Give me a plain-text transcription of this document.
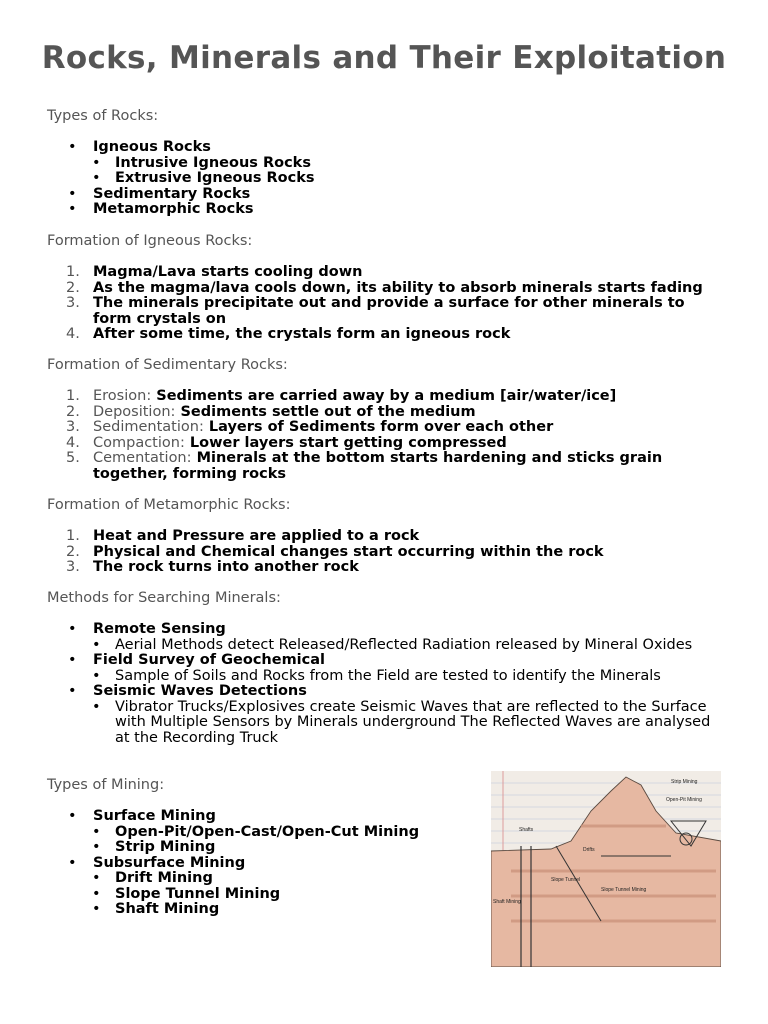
Rocks, Minerals and Their Exploitation
Types of Rocks:
• Igneous Rocks
• Intrusive Igneous Rocks
• Extrusive Igneous Rocks
• Sedimentary Rocks
• Metamorphic Rocks
Formation of Igneous Rocks:
1. Magma/Lava starts cooling down
2. As the magma/lava cools down, its ability to absorb minerals starts fading
3. The minerals precipitate out and provide a surface for other minerals to form crystals on
4. After some time, the crystals form an igneous rock
Formation of Sedimentary Rocks:
1. Erosion: Sediments are carried away by a medium [air/water/ice]
2. Deposition: Sediments settle out of the medium
3. Sedimentation: Layers of Sediments form over each other
4. Compaction: Lower layers start getting compressed
5. Cementation: Minerals at the bottom starts hardening and sticks grain together, forming rocks
Formation of Metamorphic Rocks:
1. Heat and Pressure are applied to a rock
2. Physical and Chemical changes start occurring within the rock
3. The rock turns into another rock
Methods for Searching Minerals:
• Remote Sensing
• Aerial Methods detect Released/Reflected Radiation released by Mineral Oxides
• Field Survey of Geochemical
• Sample of Soils and Rocks from the Field are tested to identify the Minerals
• Seismic Waves Detections
• Vibrator Trucks/Explosives create Seismic Waves that are reflected to the Surface with Multiple Sensors by Minerals underground The Reflected Waves are analysed at the Recording Truck
Types of Mining:
• Surface Mining
• Open-Pit/Open-Cast/Open-Cut Mining
• Strip Mining
• Subsurface Mining
• Drift Mining
• Slope Tunnel Mining
• Shaft Mining
Strip Mining
Open-Pit Mining
Shafts
Drifts
Slope Tunnel
Slope Tunnel Mining
Shaft Mining
